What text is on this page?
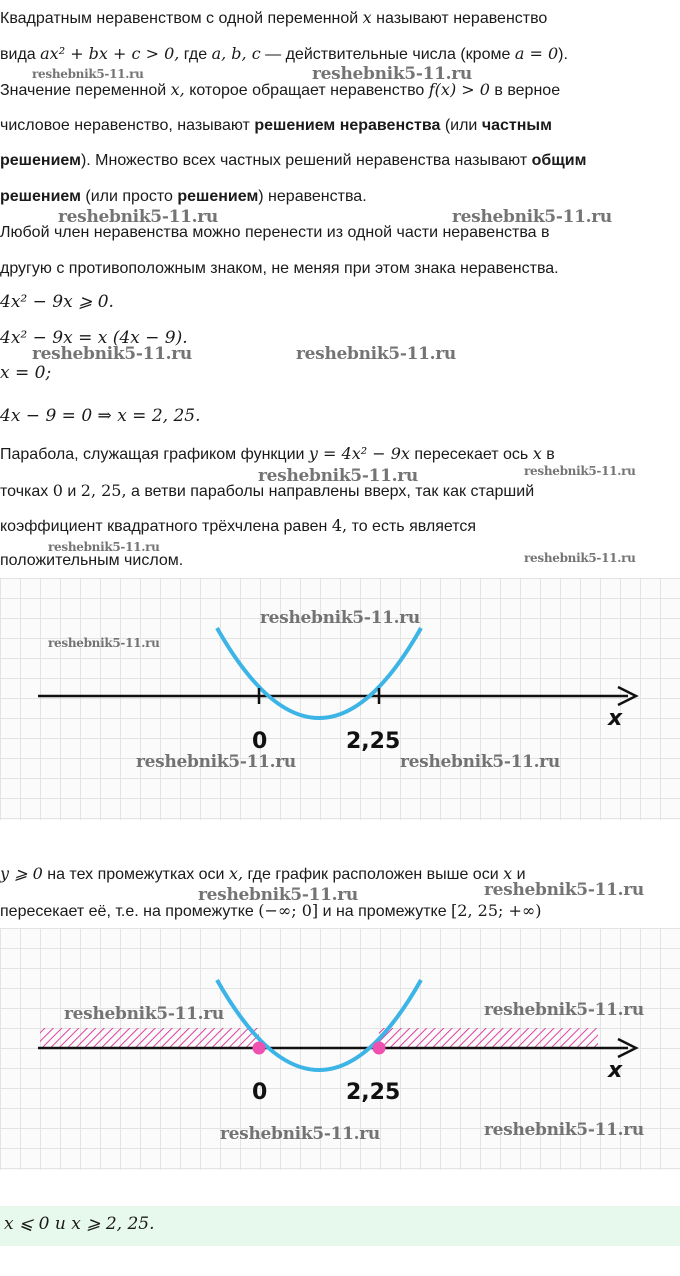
Квадратным неравенством с одной переменной x называют неравенство
вида ax² + bx + c > 0, где a, b, c — действительные числа (кроме a = 0).
Значение переменной x, которое обращает неравенство f(x) > 0 в верное
числовое неравенство, называют решением неравенства (или частным
решением). Множество всех частных решений неравенства называют общим
решением (или просто решением) неравенства.
Любой член неравенства можно перенести из одной части неравенства в
другую с противоположным знаком, не меняя при этом знака неравенства.
4x² − 9x ⩾ 0.
4x² − 9x = x (4x − 9).
x = 0;
4x − 9 = 0 ⇒ x = 2, 25.
Парабола, служащая графиком функции y = 4x² − 9x пересекает ось x в
точках 0 и 2, 25, а ветви параболы направлены вверх, так как старший
коэффициент квадратного трёхчлена равен 4, то есть является
положительным числом.
0	2,25
x
y ⩾ 0 на тех промежутках оси x, где график расположен выше оси x и
пересекает её, т.е. на промежутке (−∞; 0] и на промежутке [2, 25; +∞)
0	2,25
x
x ⩽ 0 и x ⩾ 2, 25.
reshebnik5-11.ru	reshebnik5-11.ru
reshebnik5-11.ru	reshebnik5-11.ru
reshebnik5-11.ru	reshebnik5-11.ru
reshebnik5-11.ru	reshebnik5-11.ru
reshebnik5-11.ru
reshebnik5-11.ru
reshebnik5-11.ru
reshebnik5-11.ru
reshebnik5-11.ru	reshebnik5-11.ru
reshebnik5-11.ru	reshebnik5-11.ru
reshebnik5-11.ru	reshebnik5-11.ru
reshebnik5-11.ru	reshebnik5-11.ru
